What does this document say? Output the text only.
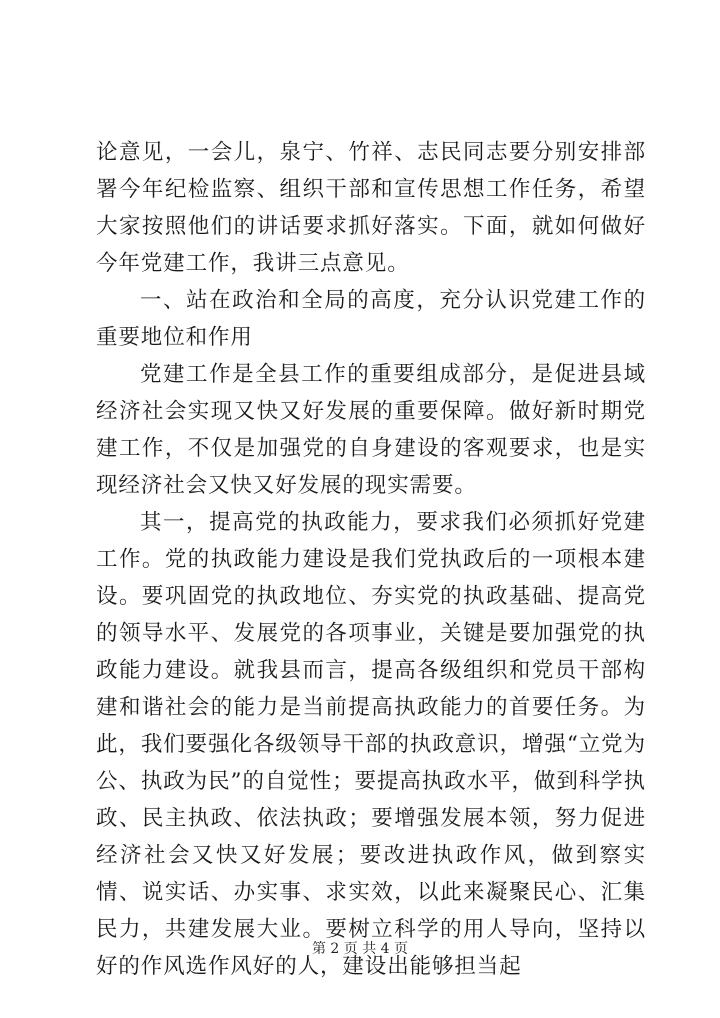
论意见，一会儿，泉宁、竹祥、志民同志要分别安排部署今年纪检监察、组织干部和宣传思想工作任务，希望大家按照他们的讲话要求抓好落实。下面，就如何做好今年党建工作，我讲三点意见。

一、站在政治和全局的高度，充分认识党建工作的重要地位和作用

党建工作是全县工作的重要组成部分，是促进县域经济社会实现又快又好发展的重要保障。做好新时期党建工作，不仅是加强党的自身建设的客观要求，也是实现经济社会又快又好发展的现实需要。

其一，提高党的执政能力，要求我们必须抓好党建工作。党的执政能力建设是我们党执政后的一项根本建设。要巩固党的执政地位、夯实党的执政基础、提高党的领导水平、发展党的各项事业，关键是要加强党的执政能力建设。就我县而言，提高各级组织和党员干部构建和谐社会的能力是当前提高执政能力的首要任务。为此，我们要强化各级领导干部的执政意识，增强“立党为公、执政为民”的自觉性；要提高执政水平，做到科学执政、民主执政、依法执政；要增强发展本领，努力促进经济社会又快又好发展；要改进执政作风，做到察实情、说实话、办实事、求实效，以此来凝聚民心、汇集民力，共建发展大业。要树立科学的用人导向，坚持以好的作风选作风好的人，建设出能够担当起

第 2 页 共 4 页
